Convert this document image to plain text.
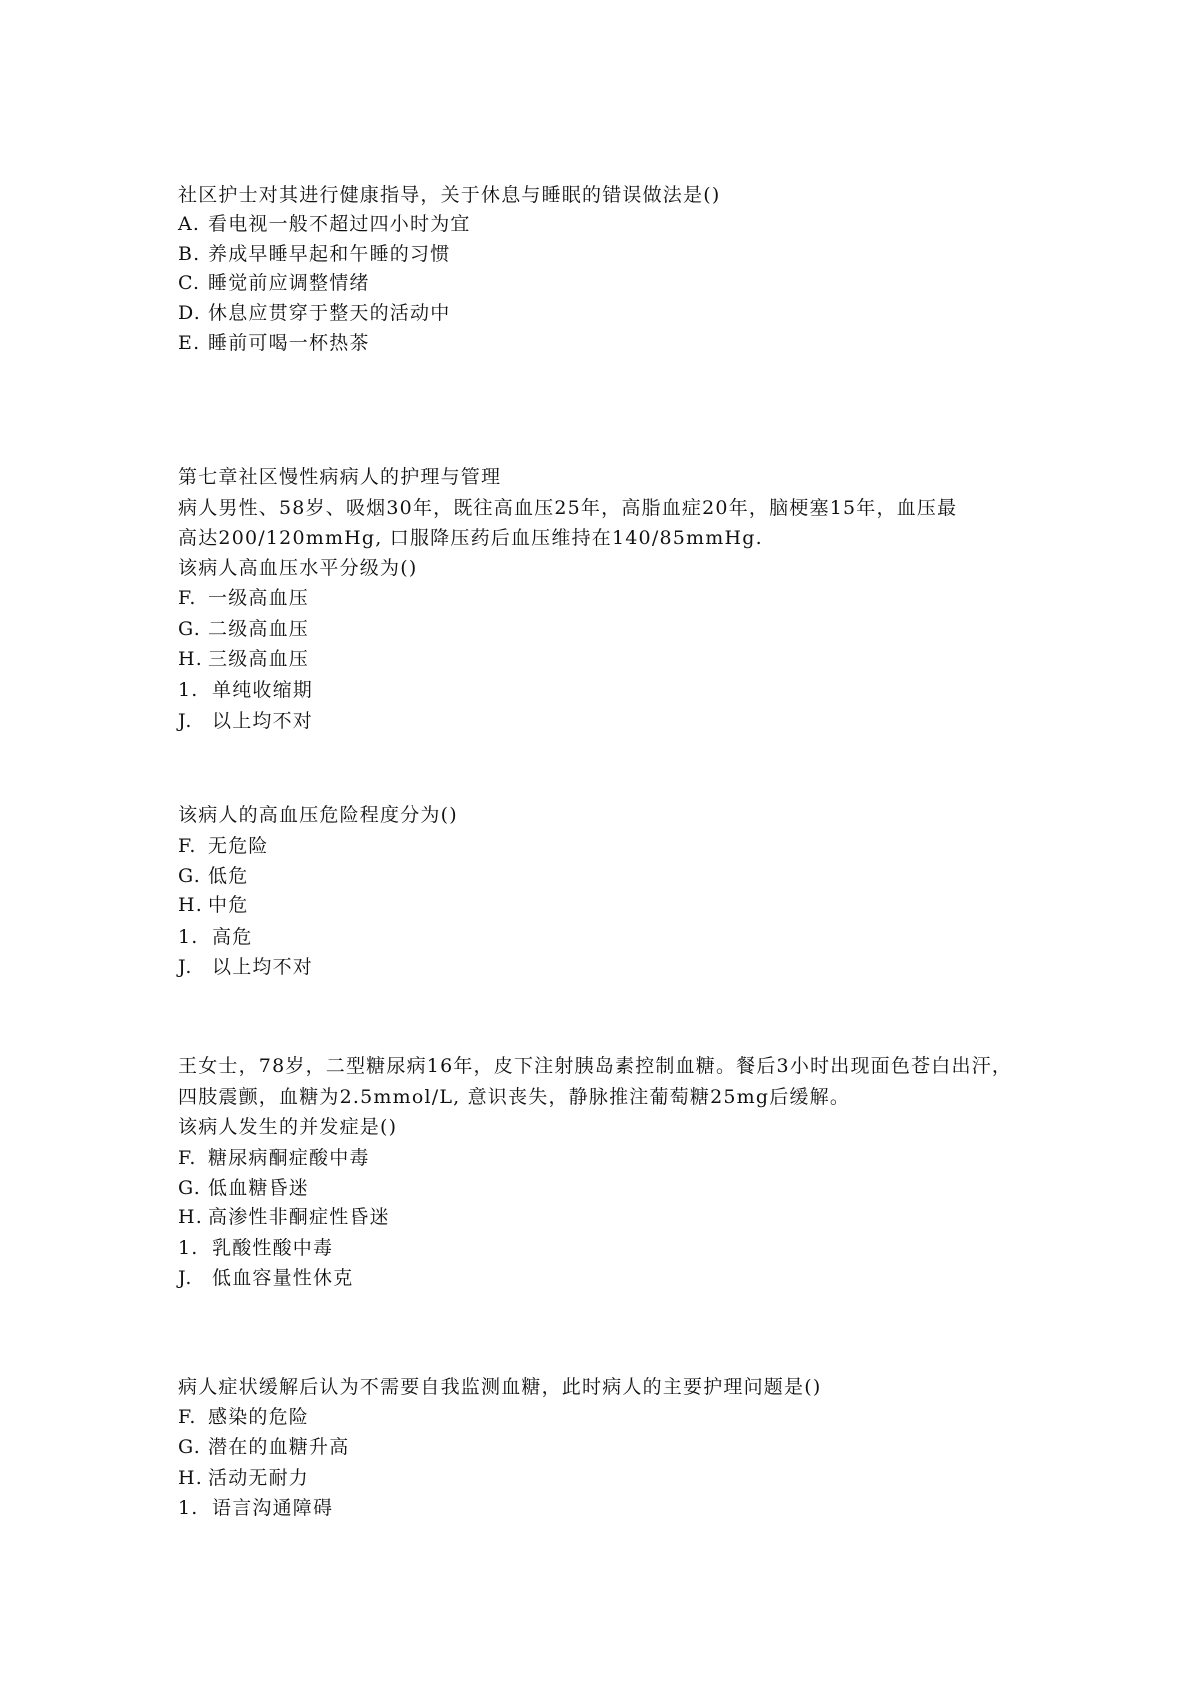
社区护士对其进行健康指导，关于休息与睡眠的错误做法是()
A. 看电视一般不超过四小时为宜
B. 养成早睡早起和午睡的习惯
C. 睡觉前应调整情绪
D. 休息应贯穿于整天的活动中
E. 睡前可喝一杯热茶
第七章社区慢性病病人的护理与管理
病人男性、58岁、吸烟30年，既往高血压25年，高脂血症20年，脑梗塞15年，血压最
高达200/120mmHg, 口服降压药后血压维持在140/85mmHg.
该病人高血压水平分级为()
F. 一级高血压
G. 二级高血压
H. 三级高血压
1. 单纯收缩期
J. 以上均不对
该病人的高血压危险程度分为()
F. 无危险
G. 低危
H. 中危
1. 高危
J. 以上均不对
王女士，78岁，二型糖尿病16年，皮下注射胰岛素控制血糖。餐后3小时出现面色苍白出汗，
四肢震颤，血糖为2.5mmol/L, 意识丧失，静脉推注葡萄糖25mg后缓解。
该病人发生的并发症是()
F. 糖尿病酮症酸中毒
G. 低血糖昏迷
H. 高渗性非酮症性昏迷
1. 乳酸性酸中毒
J. 低血容量性休克
病人症状缓解后认为不需要自我监测血糖，此时病人的主要护理问题是()
F. 感染的危险
G. 潜在的血糖升高
H. 活动无耐力
1. 语言沟通障碍
